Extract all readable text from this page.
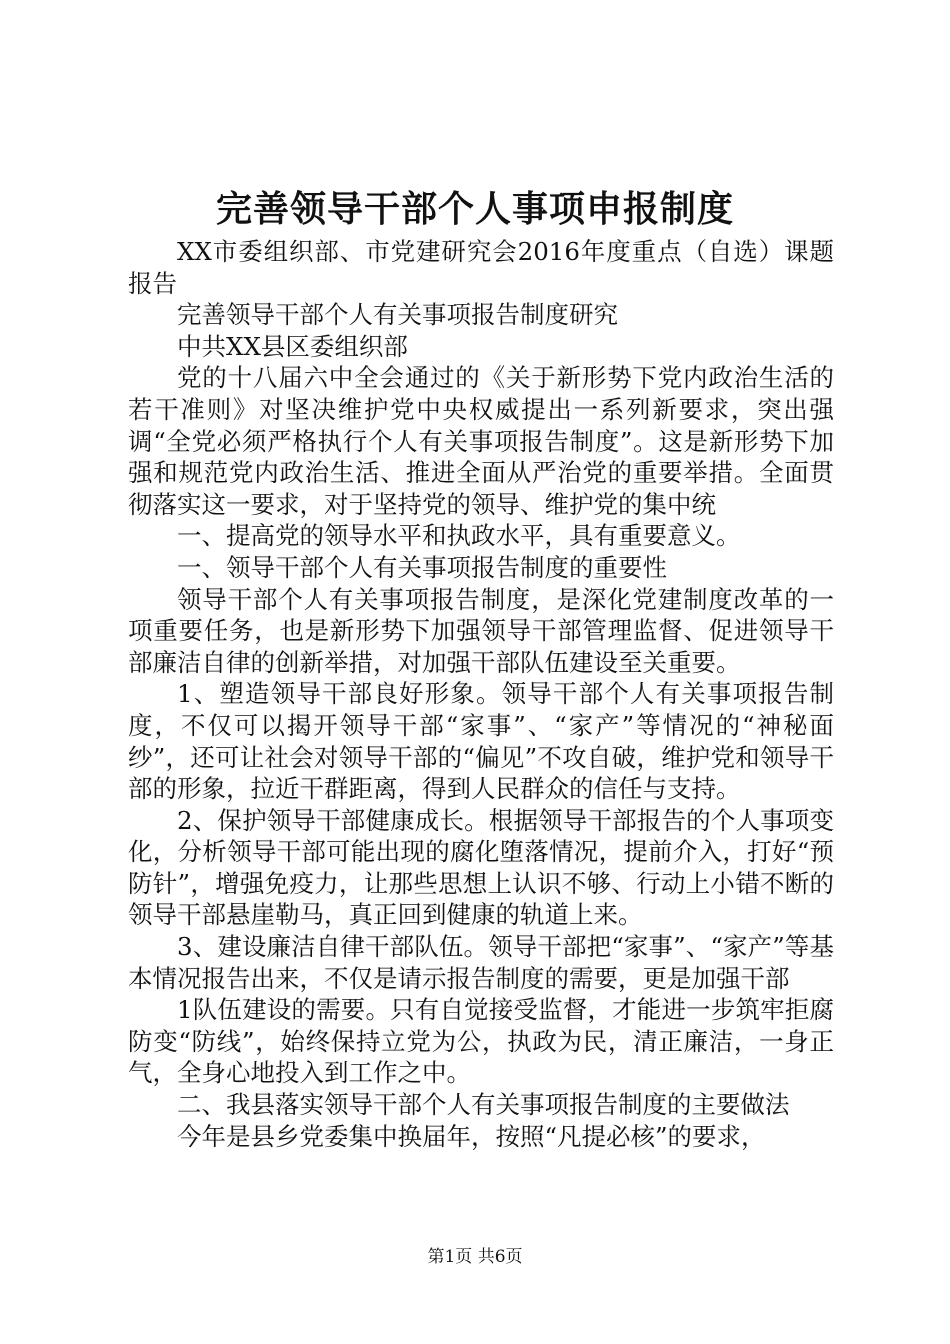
完善领导干部个人事项申报制度

XX市委组织部、市党建研究会2016年度重点（自选）课题报告

完善领导干部个人有关事项报告制度研究

中共XX县区委组织部

党的十八届六中全会通过的《关于新形势下党内政治生活的若干准则》对坚决维护党中央权威提出一系列新要求，突出强调“全党必须严格执行个人有关事项报告制度”。这是新形势下加强和规范党内政治生活、推进全面从严治党的重要举措。全面贯彻落实这一要求，对于坚持党的领导、维护党的集中统

一、提高党的领导水平和执政水平，具有重要意义。

一、领导干部个人有关事项报告制度的重要性

领导干部个人有关事项报告制度，是深化党建制度改革的一项重要任务，也是新形势下加强领导干部管理监督、促进领导干部廉洁自律的创新举措，对加强干部队伍建设至关重要。

1、塑造领导干部良好形象。领导干部个人有关事项报告制度，不仅可以揭开领导干部“家事”、“家产”等情况的“神秘面纱”，还可让社会对领导干部的“偏见”不攻自破，维护党和领导干部的形象，拉近干群距离，得到人民群众的信任与支持。

2、保护领导干部健康成长。根据领导干部报告的个人事项变化，分析领导干部可能出现的腐化堕落情况，提前介入，打好“预防针”，增强免疫力，让那些思想上认识不够、行动上小错不断的领导干部悬崖勒马，真正回到健康的轨道上来。

3、建设廉洁自律干部队伍。领导干部把“家事”、“家产”等基本情况报告出来，不仅是请示报告制度的需要，更是加强干部

1队伍建设的需要。只有自觉接受监督，才能进一步筑牢拒腐防变“防线”，始终保持立党为公，执政为民，清正廉洁，一身正气，全身心地投入到工作之中。

二、我县落实领导干部个人有关事项报告制度的主要做法

今年是县乡党委集中换届年，按照“凡提必核”的要求，

第1页 共6页
